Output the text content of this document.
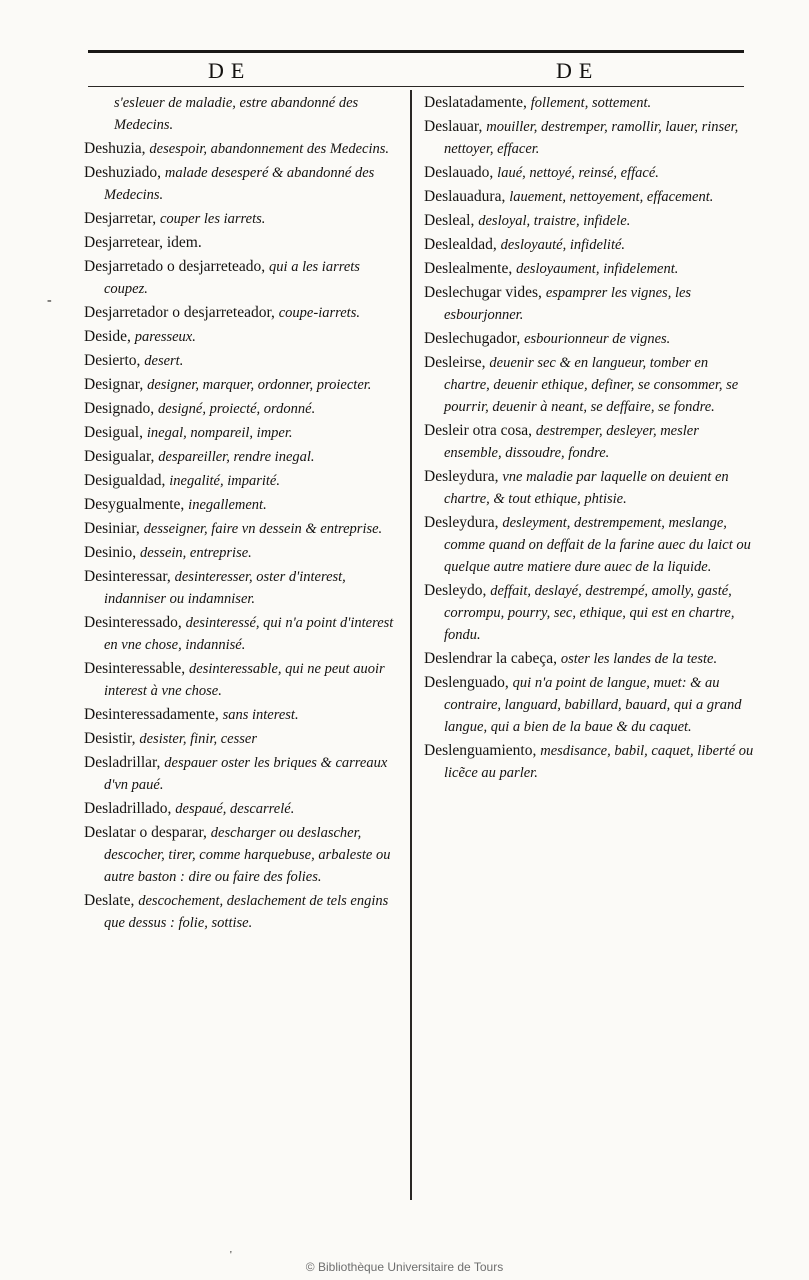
DE	DE

s'esleuer de maladie, estre abandonné des Medecins.

Deshuzia, desespoir, abandonnement des Medecins.

Deshuziado, malade desesperé & abandonné des Medecins.

Desjarretar, couper les iarrets.

Desjarretear, idem.

Desjarretado o desjarreteado, qui a les iarrets coupez.

Desjarretador o desjarreteador, coupe-iarrets.

Deside, paresseux.

Desierto, desert.

Designar, designer, marquer, ordonner, proiecter.

Designado, designé, proiecté, ordonné.

Desigual, inegal, nompareil, imper.

Desigualar, despareiller, rendre inegal.

Desigualdad, inegalité, imparité.

Desygualmente, inegallement.

Desiniar, desseigner, faire vn dessein & entreprise.

Desinio, dessein, entreprise.

Desinteressar, desinteresser, oster d'interest, indanniser ou indamniser.

Desinteressado, desinteressé, qui n'a point d'interest en vne chose, indannisé.

Desinteressable, desinteressable, qui ne peut auoir interest à vne chose.

Desinteressadamente, sans interest.

Desistir, desister, finir, cesser

Desladrillar, despauer oster les briques & carreaux d'vn paué.

Desladrillado, despaué, descarrelé.

Deslatar o desparar, descharger ou deslascher, descocher, tirer, comme harquebuse, arbaleste ou autre baston : dire ou faire des folies.

Deslate, descochement, deslachement de tels engins que dessus : folie, sottise.

Deslatadamente, follement, sottement.

Deslauar, mouiller, destremper, ramollir, lauer, rinser, nettoyer, effacer.

Deslauado, laué, nettoyé, reinsé, effacé.

Deslauadura, lauement, nettoyement, effacement.

Desleal, desloyal, traistre, infidele.

Deslealdad, desloyauté, infidelité.

Deslealmente, desloyaument, infidelement.

Deslechugar vides, espamprer les vignes, les esbourjonner.

Deslechugador, esbourionneur de vignes.

Desleirse, deuenir sec & en langueur, tomber en chartre, deuenir ethique, definer, se consommer, se pourrir, deuenir à neant, se deffaire, se fondre.

Desleir otra cosa, destremper, desleyer, mesler ensemble, dissoudre, fondre.

Desleydura, vne maladie par laquelle on deuient en chartre, & tout ethique, phtisie.

Desleydura, desleyment, destrempement, meslange, comme quand on deffait de la farine auec du laict ou quelque autre matiere dure auec de la liquide.

Desleydo, deffait, deslayé, destrempé, amolly, gasté, corrompu, pourry, sec, ethique, qui est en chartre, fondu.

Deslendrar la cabeça, oster les landes de la teste.

Deslenguado, qui n'a point de langue, muet: & au contraire, languard, babillard, bauard, qui a grand langue, qui a bien de la baue & du caquet.

Deslenguamiento, mesdisance, babil, caquet, liberté ou licẽce au parler.

-
'
© Bibliothèque Universitaire de Tours
